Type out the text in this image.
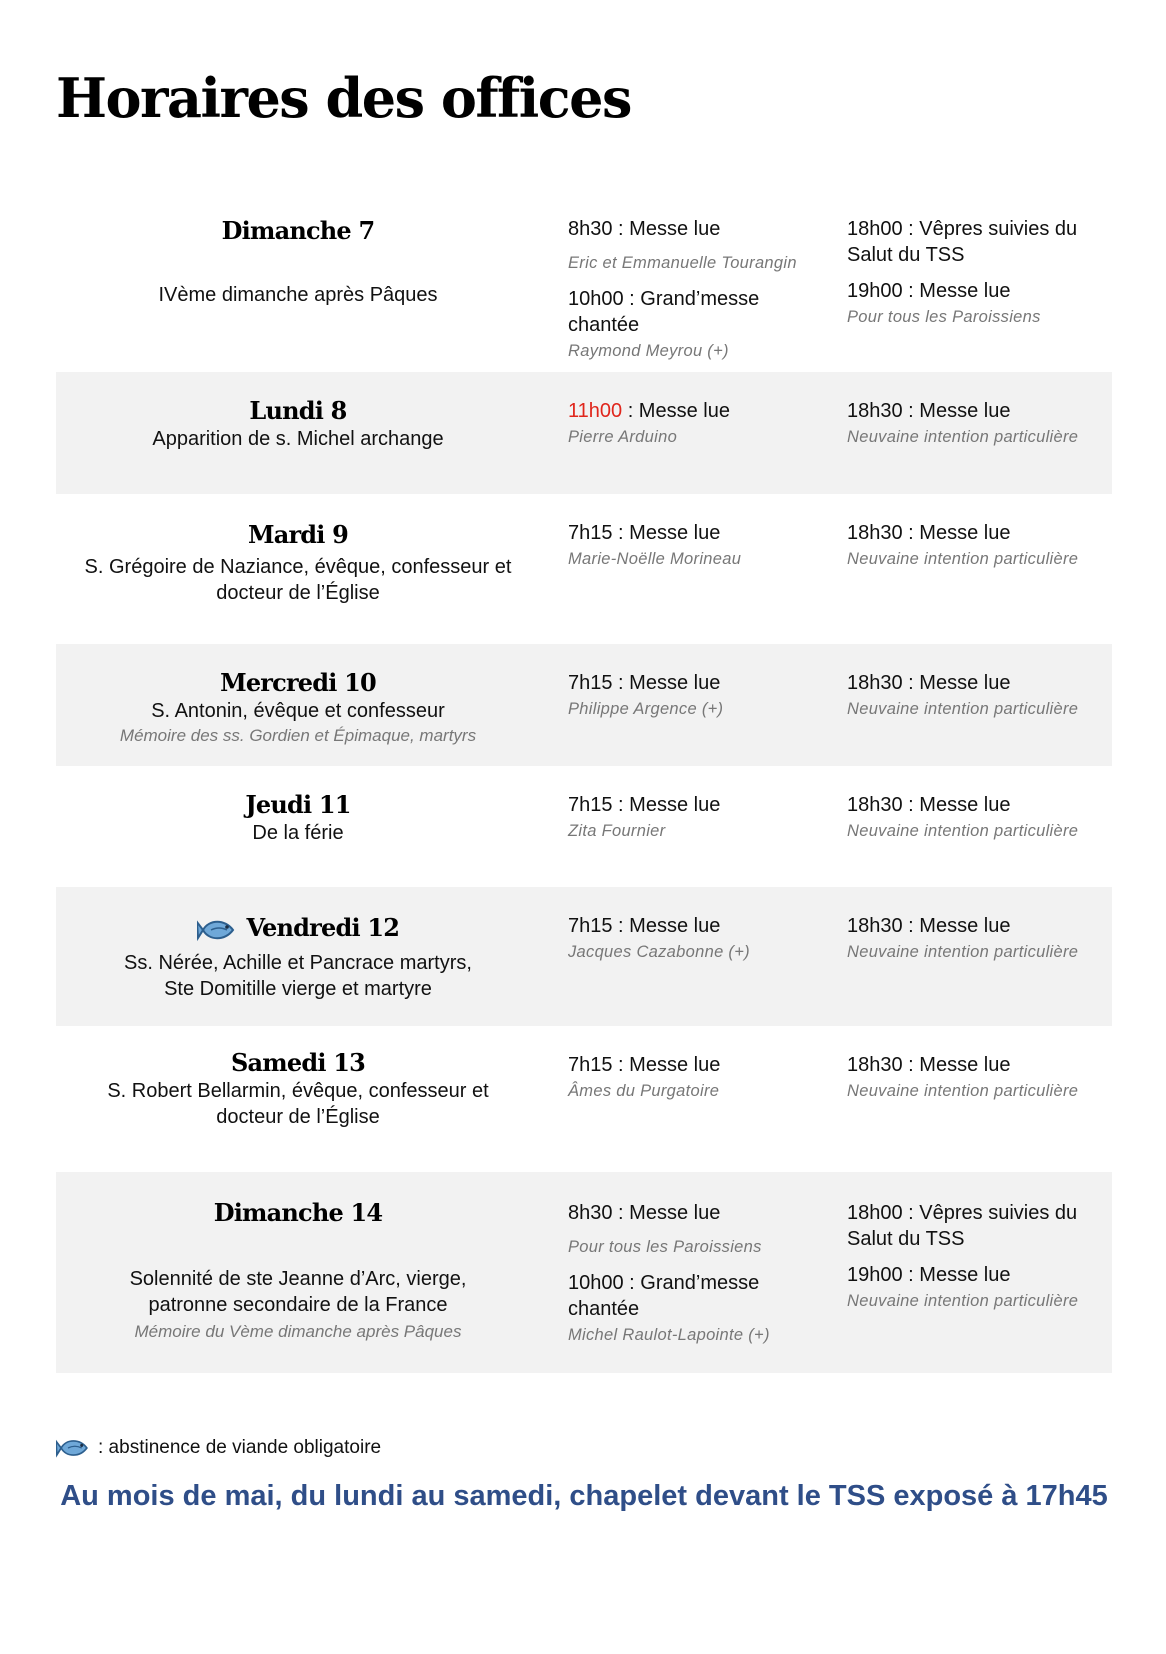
Horaires des offices
Dimanche 7
IVème dimanche après Pâques
8h30 : Messe lue
Eric et Emmanuelle Tourangin
10h00 : Grand’messe chantée
Raymond Meyrou (+)
18h00 : Vêpres suivies du Salut du TSS
19h00 : Messe lue
Pour tous les Paroissiens
Lundi 8
Apparition de s. Michel archange
11h00 : Messe lue
Pierre Arduino
18h30 : Messe lue
Neuvaine intention particulière
Mardi 9
S. Grégoire de Naziance, évêque, confesseur et docteur de l’Église
7h15 : Messe lue
Marie-Noëlle Morineau
18h30 : Messe lue
Neuvaine intention particulière
Mercredi 10
S. Antonin, évêque et confesseur
Mémoire des ss. Gordien et Épimaque, martyrs
7h15 : Messe lue
Philippe Argence (+)
18h30 : Messe lue
Neuvaine intention particulière
Jeudi 11
De la férie
7h15 : Messe lue
Zita Fournier
18h30 : Messe lue
Neuvaine intention particulière
Vendredi 12
Ss. Nérée, Achille et Pancrace martyrs,
Ste Domitille vierge et martyre
7h15 : Messe lue
Jacques Cazabonne (+)
18h30 : Messe lue
Neuvaine intention particulière
Samedi 13
S. Robert Bellarmin, évêque, confesseur et docteur de l’Église
7h15 : Messe lue
Âmes du Purgatoire
18h30 : Messe lue
Neuvaine intention particulière
Dimanche 14
Solennité de ste Jeanne d’Arc, vierge, patronne secondaire de la France
Mémoire du Vème dimanche après Pâques
8h30 : Messe lue
Pour tous les Paroissiens
10h00 : Grand’messe chantée
Michel Raulot-Lapointe (+)
18h00 : Vêpres suivies du Salut du TSS
19h00 : Messe lue
Neuvaine intention particulière
: abstinence de viande obligatoire
Au mois de mai, du lundi au samedi, chapelet devant le TSS exposé à 17h45
